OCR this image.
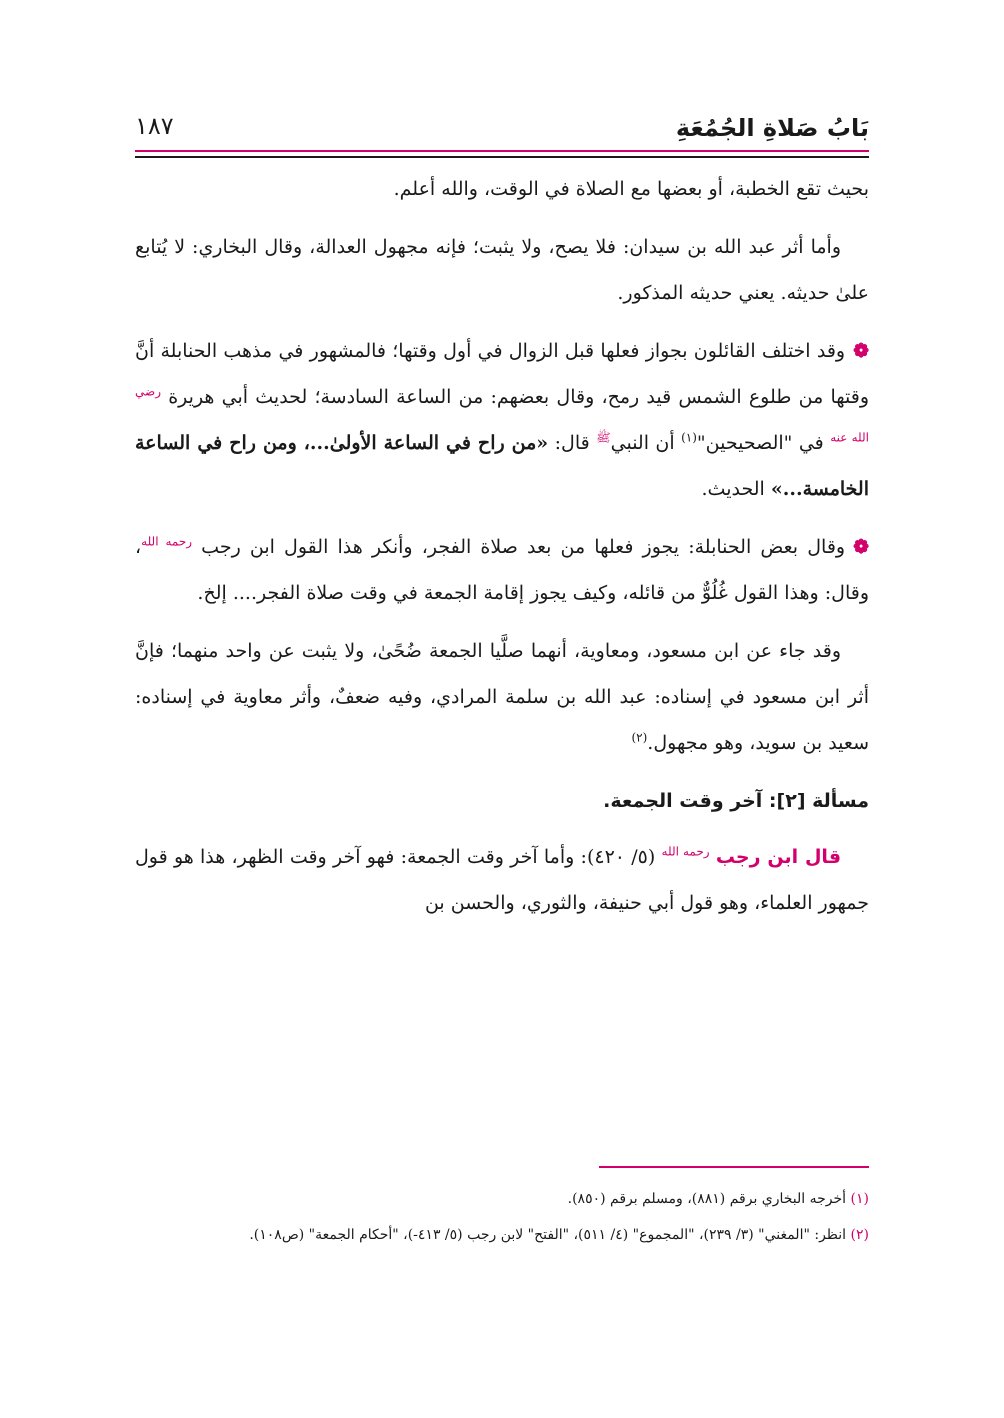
بَابُ صَلاةِ الجُمُعَةِ
١٨٧

بحيث تقع الخطبة، أو بعضها مع الصلاة في الوقت، والله أعلم.

وأما أثر عبد الله بن سيدان: فلا يصح، ولا يثبت؛ فإنه مجهول العدالة، وقال البخاري: لا يُتابع علىٰ حديثه. يعني حديثه المذكور.

❁وقد اختلف القائلون بجواز فعلها قبل الزوال في أول وقتها؛ فالمشهور في مذهب الحنابلة أنَّ وقتها من طلوع الشمس قيد رمح، وقال بعضهم: من الساعة السادسة؛ لحديث أبي هريرة $^{رضي الله عنه}$ في "الصحيحين"$^{(١)}$ أن النبي$^ﷺ$ قال: «من راح في الساعة الأولىٰ...، ومن راح في الساعة الخامسة...» الحديث.

❁وقال بعض الحنابلة: يجوز فعلها من بعد صلاة الفجر، وأنكر هذا القول ابن رجب $^{رحمه الله}$، وقال: وهذا القول غُلُوٌّ من قائله، وكيف يجوز إقامة الجمعة في وقت صلاة الفجر.... إلخ.

وقد جاء عن ابن مسعود، ومعاوية، أنهما صلَّيا الجمعة ضُحًىٰ، ولا يثبت عن واحد منهما؛ فإنَّ أثر ابن مسعود في إسناده: عبد الله بن سلمة المرادي، وفيه ضعفٌ، وأثر معاوية في إسناده: سعيد بن سويد، وهو مجهول.$^{(٢)}$

مسألة [٢]: آخر وقت الجمعة.

قال ابن رجب $^{رحمه الله}$ (٥/ ٤٢٠): وأما آخر وقت الجمعة: فهو آخر وقت الظهر، هذا هو قول جمهور العلماء، وهو قول أبي حنيفة، والثوري، والحسن بن

(١) أخرجه البخاري برقم (٨٨١)، ومسلم برقم (٨٥٠).

(٢) انظر: "المغني" (٣/ ٢٣٩)، "المجموع" (٤/ ٥١١)، "الفتح" لابن رجب (٥/ ٤١٣-)، "أحكام الجمعة" (ص١٠٨).
